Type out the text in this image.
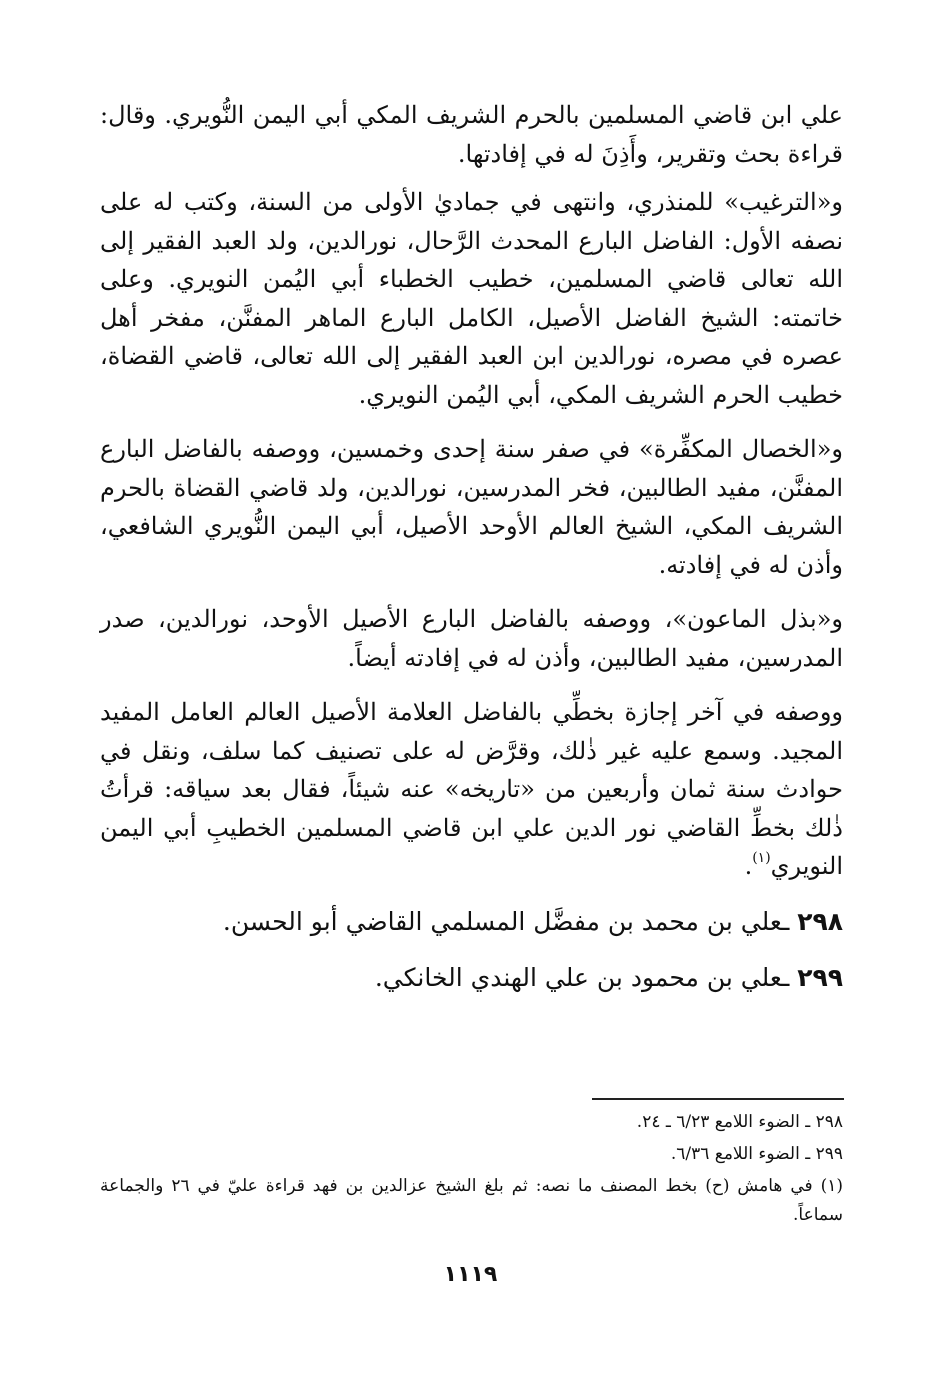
علي ابن قاضي المسلمين بالحرم الشريف المكي أبي اليمن النُّويري. وقال: قراءة بحث وتقرير، وأَذِنَ له في إفادتها.

و«الترغيب» للمنذري، وانتهى في جماديٰ الأولى من السنة، وكتب له على نصفه الأول: الفاضل البارع المحدث الرَّحال، نورالدين، ولد العبد الفقير إلى الله تعالى قاضي المسلمين، خطيب الخطباء أبي اليُمن النويري. وعلى خاتمته: الشيخ الفاضل الأصيل، الكامل البارع الماهر المفنَّن، مفخر أهل عصره في مصره، نورالدين ابن العبد الفقير إلى الله تعالى، قاضي القضاة، خطيب الحرم الشريف المكي، أبي اليُمن النويري.

و«الخصال المكفِّرة» في صفر سنة إحدى وخمسين، ووصفه بالفاضل البارع المفنَّن، مفيد الطالبين، فخر المدرسين، نورالدين، ولد قاضي القضاة بالحرم الشريف المكي، الشيخ العالم الأوحد الأصيل، أبي اليمن النُّويري الشافعي، وأذن له في إفادته.

و«بذل الماعون»، ووصفه بالفاضل البارع الأصيل الأوحد، نورالدين، صدر المدرسين، مفيد الطالبين، وأذن له في إفادته أيضاً.

ووصفه في آخر إجازة بخطِّي بالفاضل العلامة الأصيل العالم العامل المفيد المجيد. وسمع عليه غير ذٰلك، وقرَّض له على تصنيف كما سلف، ونقل في حوادث سنة ثمان وأربعين من «تاريخه» عنه شيئاً، فقال بعد سياقه: قرأتُ ذٰلك بخطِّ القاضي نور الدين علي ابن قاضي المسلمين الخطيبِ أبي اليمن النويري$^{(١)}$.

٢٩٨ ـعلي بن محمد بن مفضَّل المسلمي القاضي أبو الحسن.
٢٩٩ ـعلي بن محمود بن علي الهندي الخانكي.

٢٩٨ ـ الضوء اللامع ٦/٢٣ ـ ٢٤.

٢٩٩ ـ الضوء اللامع ٦/٣٦.

(١) في هامش (ح) بخط المصنف ما نصه: ثم بلغ الشيخ عزالدين بن فهد قراءة عليّ في ٢٦ والجماعة سماعاً.

١١١٩
